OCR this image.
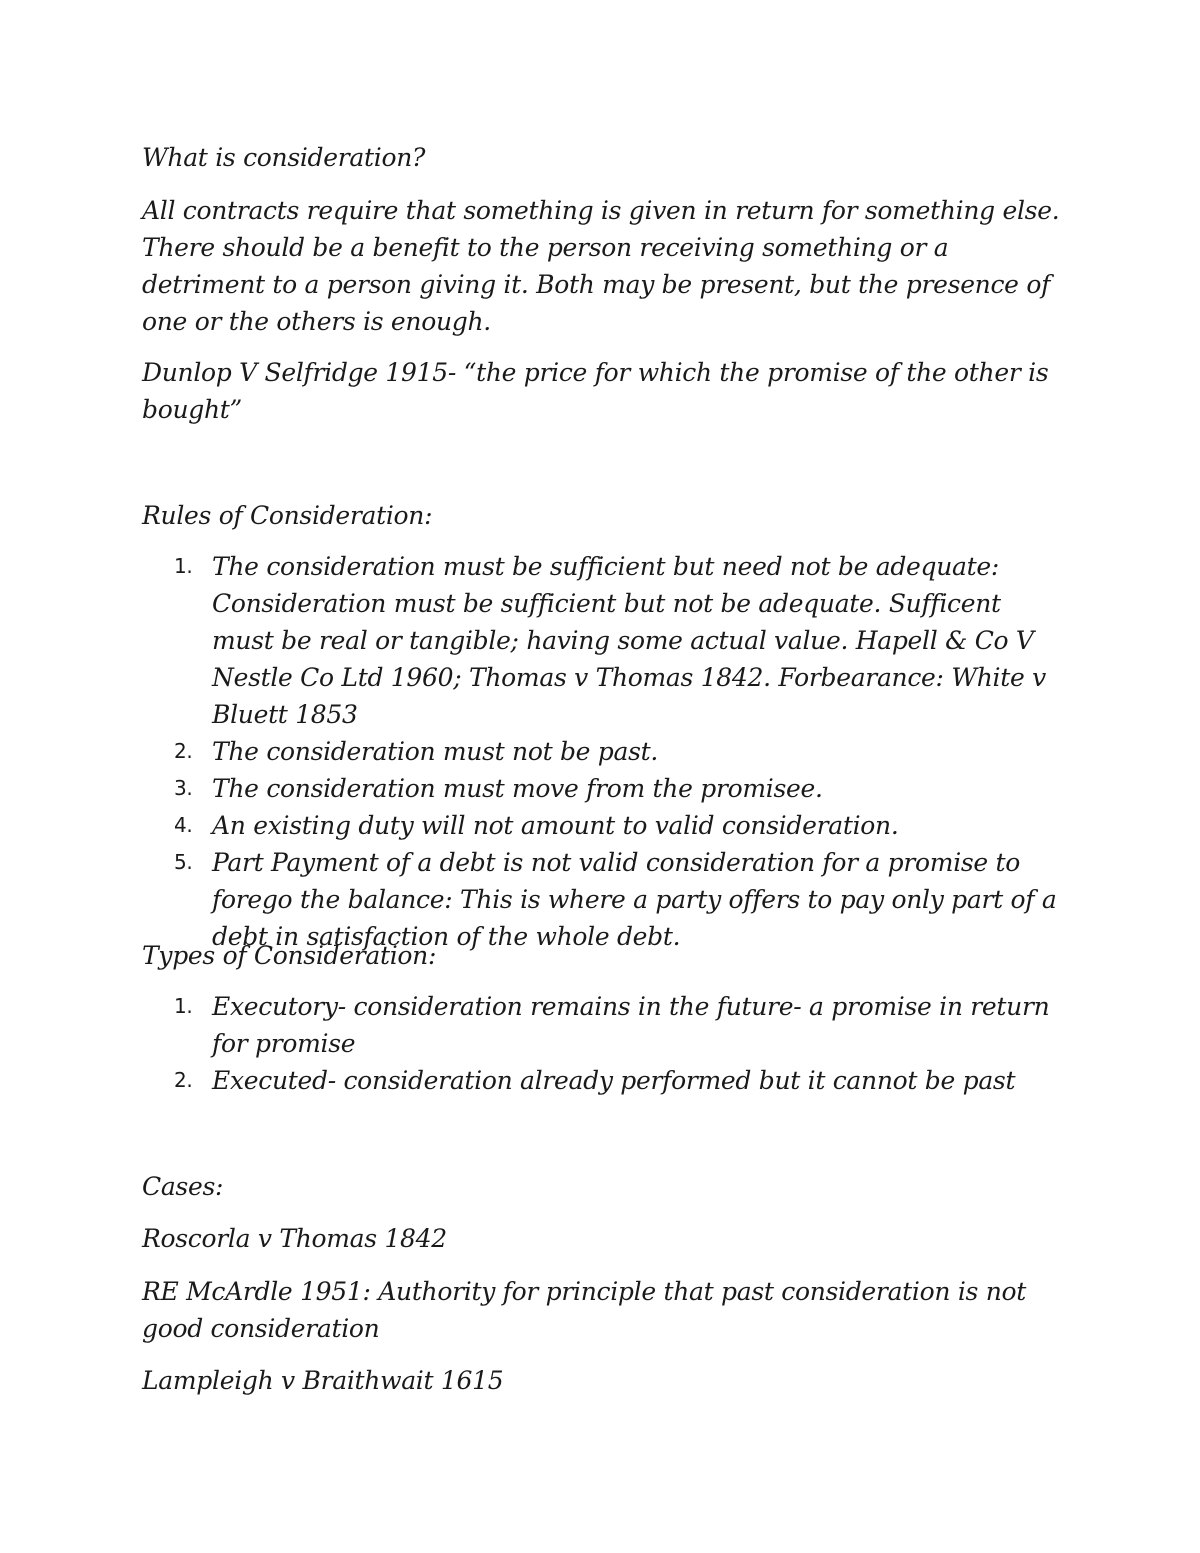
What is consideration?

All contracts require that something is given in return for something else. There should be a benefit to the person receiving something or a detriment to a person giving it. Both may be present, but the presence of one or the others is enough.

Dunlop V Selfridge 1915- “the price for which the promise of the other is bought”

Rules of Consideration:

1. The consideration must be sufficient but need not be adequate: Consideration must be sufficient but not be adequate. Sufficent must be real or tangible; having some actual value. Hapell & Co V Nestle Co Ltd 1960; Thomas v Thomas 1842. Forbearance: White v Bluett 1853
2. The consideration must not be past.
3. The consideration must move from the promisee.
4. An existing duty will not amount to valid consideration.
5. Part Payment of a debt is not valid consideration for a promise to forego the balance: This is where a party offers to pay only part of a debt in satisfaction of the whole debt.

Types of Consideration:

1. Executory- consideration remains in the future- a promise in return for promise
2. Executed- consideration already performed but it cannot be past

Cases:

Roscorla v Thomas 1842

RE McArdle 1951: Authority for principle that past consideration is not good consideration

Lampleigh v Braithwait 1615
